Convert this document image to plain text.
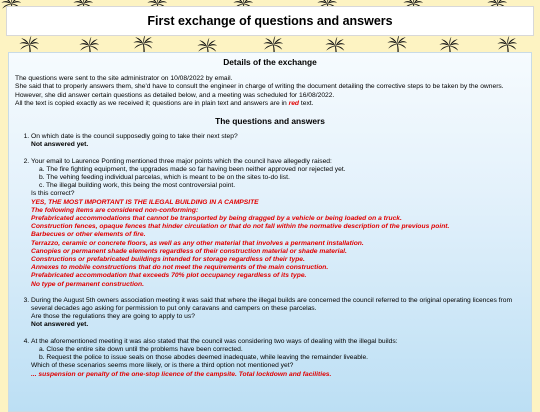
First exchange of questions and answers
Details of the exchange

The questions were sent to the site administrator on 10/08/2022 by email.

She said that to properly answers them, she'd have to consult the engineer in charge of writing the document detailing the corrective steps to be taken by the owners.

However, she did answer certain questions as detailed below, and a meeting was scheduled for 16/08/2022.

All the text is copied exactly as we received it; questions are in plain text and answers are in red text.

The questions and answers
1. On which date is the council supposedly going to take their next step?
Not answered yet.
2. Your email to Laurence Ponting mentioned three major points which the council have allegedly raised:
a. The fire fighting equipment, the upgrades made so far having been neither approved nor rejected yet.
b. The vehing feeding individual parcelas, which is meant to be on the sites to-do list.
c. The illegal building work, this being the most controversial point.
Is this correct?
YES, THE MOST IMPORTANT IS THE ILEGAL BUILDING IN A CAMPSITE
The following items are considered non-conforming:
Prefabricated accommodations that cannot be transported by being dragged by a vehicle or being loaded on a truck.
Construction fences, opaque fences that hinder circulation or that do not fall within the normative description of the previous point.
Barbecues or other elements of fire.
Terrazzo, ceramic or concrete floors, as well as any other material that involves a permanent installation.
Canopies or permanent shade elements regardless of their construction material or shade material.
Constructions or prefabricated buildings intended for storage regardless of their type.
Annexes to mobile constructions that do not meet the requirements of the main construction.
Prefabricated accommodation that exceeds 70% plot occupancy regardless of its type.
No type of permanent construction.
3. During the August 5th owners association meeting it was said that where the illegal builds are concerned the council referred to the original operating licences from several decades ago asking for permission to put only caravans and campers on these parcelas.
Are those the regulations they are going to apply to us?
Not answered yet.
4. At the aforementioned meeting it was also stated that the council was considering two ways of dealing with the illegal builds:
a. Close the entire site down until the problems have been corrected.
b. Request the police to issue seals on those abodes deemed inadequate, while leaving the remainder liveable.
Which of these scenarios seems more likely, or is there a third option not mentioned yet?
... suspension or penalty of the one-stop licence of the campsite. Total lockdown and facilities.
